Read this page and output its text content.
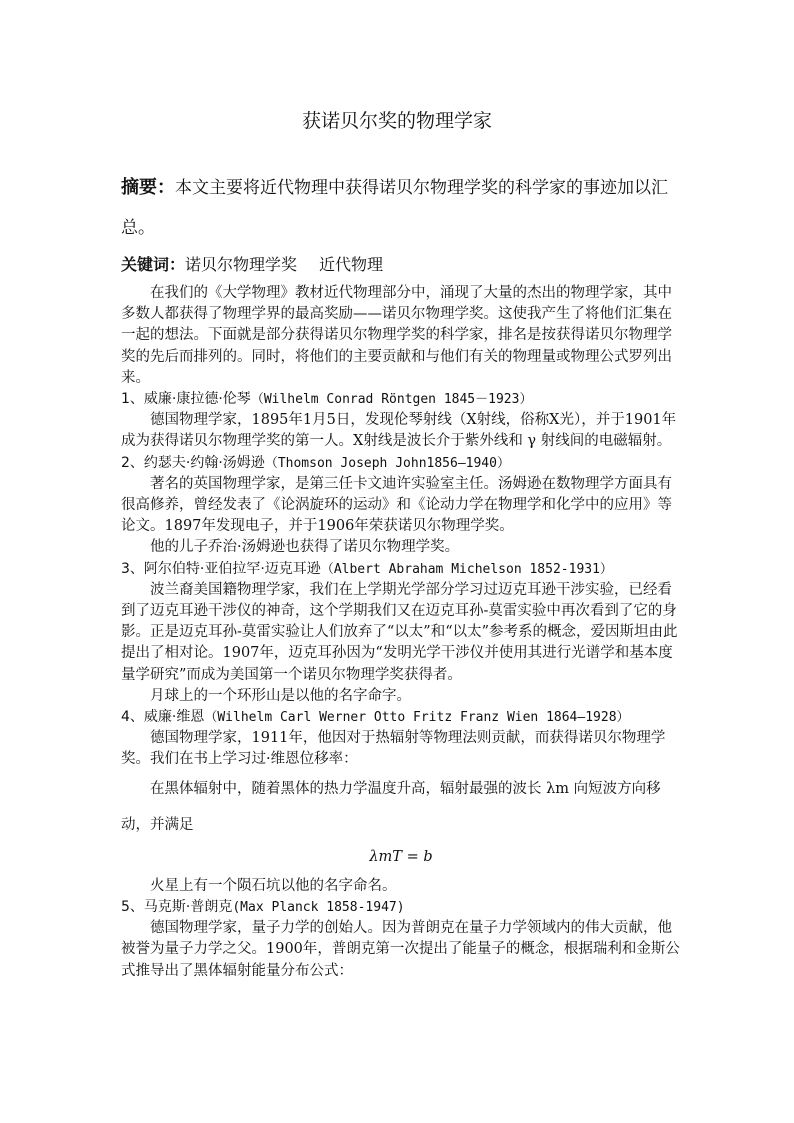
获诺贝尔奖的物理学家
摘要：本文主要将近代物理中获得诺贝尔物理学奖的科学家的事迹加以汇总。
关键词：诺贝尔物理学奖 近代物理

在我们的《大学物理》教材近代物理部分中，涌现了大量的杰出的物理学家，其中多数人都获得了物理学界的最高奖励——诺贝尔物理学奖。这使我产生了将他们汇集在一起的想法。下面就是部分获得诺贝尔物理学奖的科学家，排名是按获得诺贝尔物理学奖的先后而排列的。同时，将他们的主要贡献和与他们有关的物理量或物理公式罗列出来。

1、威廉·康拉德·伦琴（Wilhelm Conrad Röntgen 1845－1923）

德国物理学家，1895年1月5日，发现伦琴射线（X射线，俗称X光），并于1901年成为获得诺贝尔物理学奖的第一人。X射线是波长介于紫外线和 γ 射线间的电磁辐射。

2、约瑟夫·约翰·汤姆逊（Thomson Joseph John1856—1940）

著名的英国物理学家，是第三任卡文迪许实验室主任。汤姆逊在数物理学方面具有很高修养，曾经发表了《论涡旋环的运动》和《论动力学在物理学和化学中的应用》等论文。1897年发现电子，并于1906年荣获诺贝尔物理学奖。

他的儿子乔治·汤姆逊也获得了诺贝尔物理学奖。

3、阿尔伯特·亚伯拉罕·迈克耳逊（Albert Abraham Michelson 1852-1931）

波兰裔美国籍物理学家，我们在上学期光学部分学习过迈克耳逊干涉实验，已经看到了迈克耳逊干涉仪的神奇，这个学期我们又在迈克耳孙-莫雷实验中再次看到了它的身影。正是迈克耳孙-莫雷实验让人们放弃了“以太”和“以太”参考系的概念，爱因斯坦由此提出了相对论。1907年，迈克耳孙因为“发明光学干涉仪并使用其进行光谱学和基本度量学研究”而成为美国第一个诺贝尔物理学奖获得者。

月球上的一个环形山是以他的名字命字。

4、威廉·维恩（Wilhelm Carl Werner Otto Fritz Franz Wien 1864—1928）

德国物理学家，1911年，他因对于热辐射等物理法则贡献，而获得诺贝尔物理学奖。我们在书上学习过·维恩位移率：

在黑体辐射中，随着黑体的热力学温度升高，辐射最强的波长 λm 向短波方向移动，并满足

λmT = b

火星上有一个陨石坑以他的名字命名。

5、马克斯·普朗克(Max Planck 1858-1947)

德国物理学家，量子力学的创始人。因为普朗克在量子力学领域内的伟大贡献，他被誉为量子力学之父。1900年，普朗克第一次提出了能量子的概念，根据瑞利和金斯公式推导出了黑体辐射能量分布公式：
